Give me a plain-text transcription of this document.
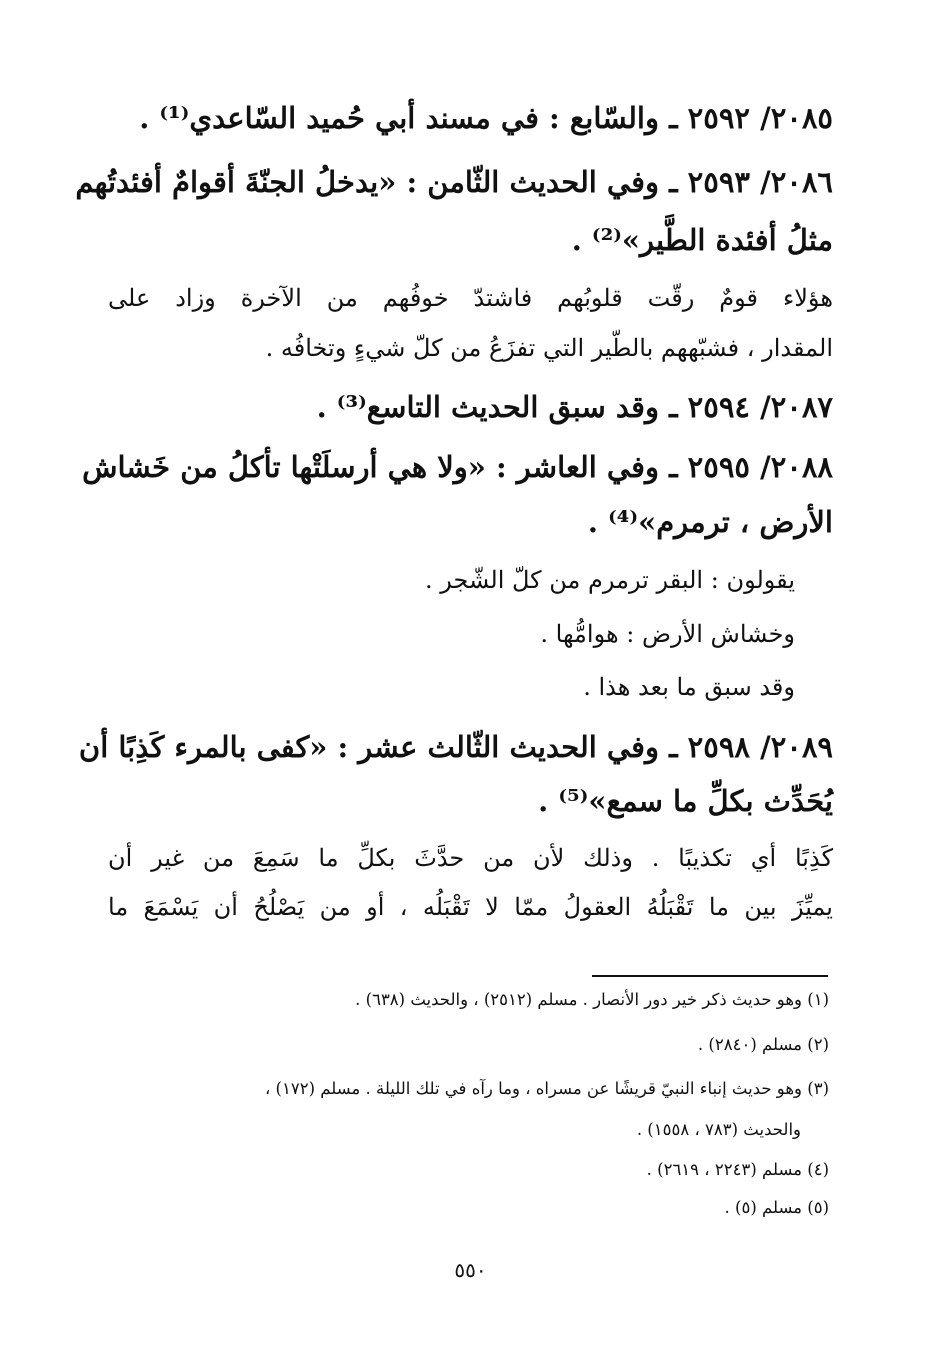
٢٠٨٥/ ٢٥٩٢ ـ والسّابع : في مسند أبي حُميد السّاعدي⁽¹⁾ .
٢٠٨٦/ ٢٥٩٣ ـ وفي الحديث الثّامن : «يدخلُ الجنّةَ أقوامٌ أفئدتُهم
مثلُ أفئدة الطَّير»⁽²⁾ .
هؤلاء قومٌ رقّت قلوبُهم فاشتدّ خوفُهم من الآخرة وزاد على
المقدار ، فشبّههم بالطّير التي تفزَعُ من كلّ شيءٍ وتخافُه .
٢٠٨٧/ ٢٥٩٤ ـ وقد سبق الحديث التاسع⁽³⁾ .
٢٠٨٨/ ٢٥٩٥ ـ وفي العاشر : «ولا هي أرسلَتْها تأكلُ من خَشاش
الأرض ، ترمرم»⁽⁴⁾ .
يقولون : البقر ترمرم من كلّ الشّجر .
وخشاش الأرض : هوامُّها .
وقد سبق ما بعد هذا .
٢٠٨٩/ ٢٥٩٨ ـ وفي الحديث الثّالث عشر : «كفى بالمرء كَذِبًا أن
يُحَدِّث بكلِّ ما سمع»⁽⁵⁾ .
كَذِبًا أي تكذيبًا . وذلك لأن من حدَّثَ بكلِّ ما سَمِعَ من غير أن
يميِّزَ بين ما تَقْبَلُهُ العقولُ ممّا لا تَقْبَلُه ، أو من يَصْلُحُ أن يَسْمَعَ ما
(١) وهو حديث ذكر خير دور الأنصار . مسلم (٢٥١٢) ، والحديث (٦٣٨) .
(٢) مسلم (٢٨٤٠) .
(٣) وهو حديث إنباء النبيّ قريشًا عن مسراه ، وما رآه في تلك الليلة . مسلم (١٧٢) ،
والحديث (٧٨٣ ، ١٥٥٨) .
(٤) مسلم (٢٢٤٣ ، ٢٦١٩) .
(٥) مسلم (٥) .
٥٥٠
